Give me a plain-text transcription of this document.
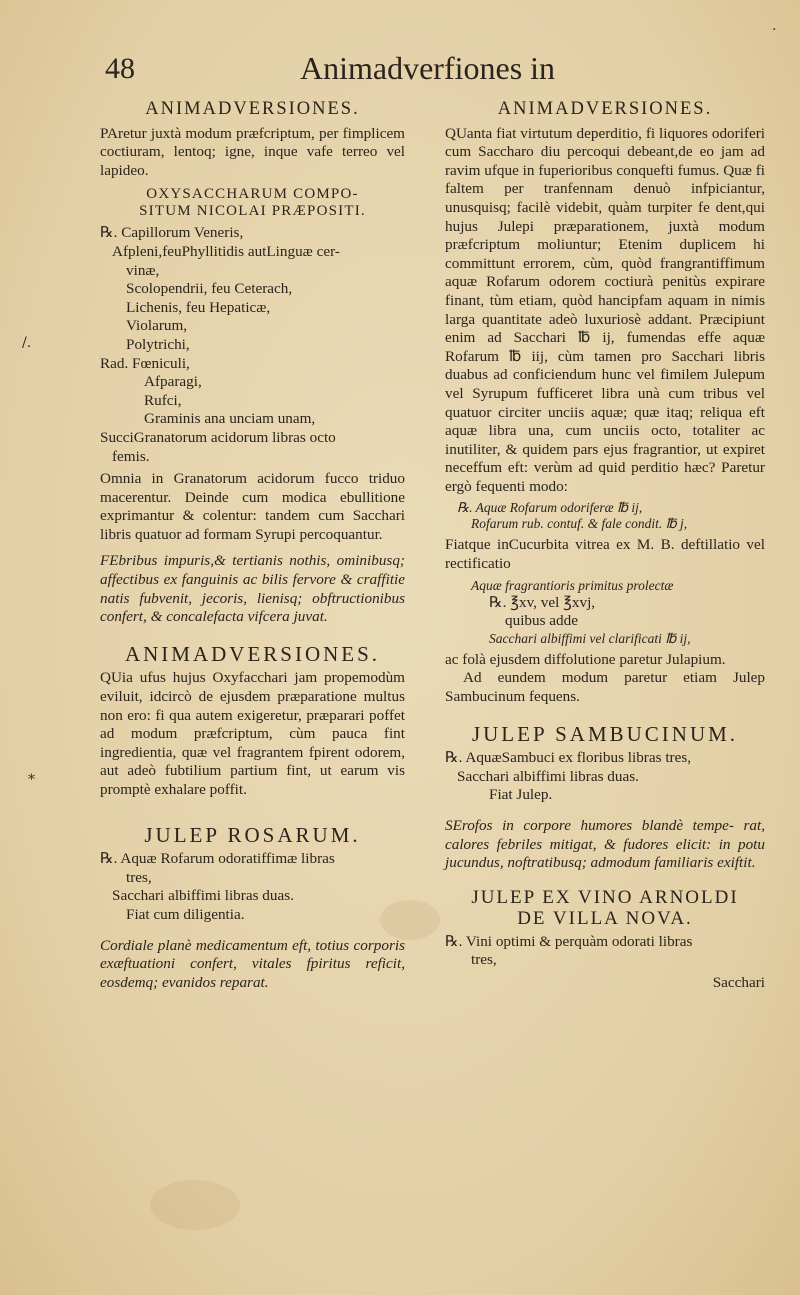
48	Animadverfiones in
ANIMADVERSIONES.

PAretur juxtà modum præfcriptum, per fimplicem coctiuram, lentoq; igne, inque vafe terreo vel lapideo.

OXYSACCHARUM COMPO-
SITUM NICOLAI PRÆPOSITI.
℞. Capillorum Veneris,
Afpleni,feuPhyllitidis autLinguæ cer-
vinæ,
Scolopendrii, feu Ceterach,
Lichenis, feu Hepaticæ,
Violarum,
Polytrichi,
Rad. Fœniculi,
Afparagi,
Rufci,
Graminis ana unciam unam,
SucciGranatorum acidorum libras octo
femis.

Omnia in Granatorum acidorum fucco triduo macerentur. Deinde cum modica ebullitione exprimantur & colentur: tandem cum Sacchari libris quatuor ad formam Syrupi percoquantur.

FEbribus impuris,& tertianis nothis, ominibusq; affectibus ex fanguinis ac bilis fervore & craffitie natis fubvenit, jecoris, lienisq; obftructionibus confert, & concalefacta vifcera juvat.

ANIMADVERSIONES.

QUia ufus hujus Oxyfacchari jam propemodùm eviluit, idcircò de ejusdem præparatione multus non ero: fi qua autem exigeretur, præparari poffet ad modum præfcriptum, cùm pauca fint ingredientia, quæ vel fragrantem fpirent odorem, aut adeò fubtilium partium fint, ut earum vis promptè exhalare poffit.

JULEP ROSARUM.
℞. Aquæ Rofarum odoratiffimæ libras
tres,
Sacchari albiffimi libras duas.
Fiat cum diligentia.

Cordiale planè medicamentum eft, totius corporis exæftuationi confert, vitales fpiritus reficit, eosdemq; evanidos reparat.

ANIMADVERSIONES.

QUanta fiat virtutum deperditio, fi liquores odoriferi cum Saccharo diu percoqui debeant,de eo jam ad ravim ufque in fuperioribus conquefti fumus. Quæ fi faltem per tranfennam denuò infpiciantur, unusquisq; facilè videbit, quàm turpiter fe dent,qui hujus Julepi præparationem, juxtà modum præfcriptum moliuntur; Etenim duplicem hi committunt errorem, cùm, quòd frangrantiffimum aquæ Rofarum odorem coctiurà penitùs expirare finant, tùm etiam, quòd hancipfam aquam in nimis larga quantitate adeò luxuriosè addant. Præcipiunt enim ad Sacchari ℔ ij, fumendas effe aquæ Rofarum ℔ iij, cùm tamen pro Sacchari libris duabus ad conficiendum hunc vel fimilem Julepum vel Syrupum fufficeret libra unà cum tribus vel quatuor circiter unciis aquæ; quæ itaq; reliqua eft aquæ libra una, cum unciis octo, totaliter ac inutiliter, & quidem pars ejus fragrantior, ut expiret neceffum eft: verùm ad quid perditio hæc? Paretur ergò fequenti modo:

℞. Aquæ Rofarum odoriferæ ℔ ij,
Rofarum rub. contuf. & fale condit. ℔ j,

Fiatque inCucurbita vitrea ex M. B. deftillatio vel rectificatio

Aquæ fragrantioris primitus prolectæ
℞. ℥xv, vel ℥xvj,
quibus adde
Sacchari albiffimi vel clarificati ℔ ij,

ac folà ejusdem diffolutione paretur Julapium.

Ad eundem modum paretur etiam Julep Sambucinum fequens.

JULEP SAMBUCINUM.
℞. AquæSambuci ex floribus libras tres,
Sacchari albiffimi libras duas.
Fiat Julep.

SErofos in corpore humores blandè tempe- rat, calores febriles mitigat, & fudores elicit: in potu jucundus, noftratibusq; admodum familiaris exiftit.

JULEP EX VINO ARNOLDI
DE VILLA NOVA.
℞. Vini optimi & perquàm odorati libras
tres,
Sacchari
/.
*
.
